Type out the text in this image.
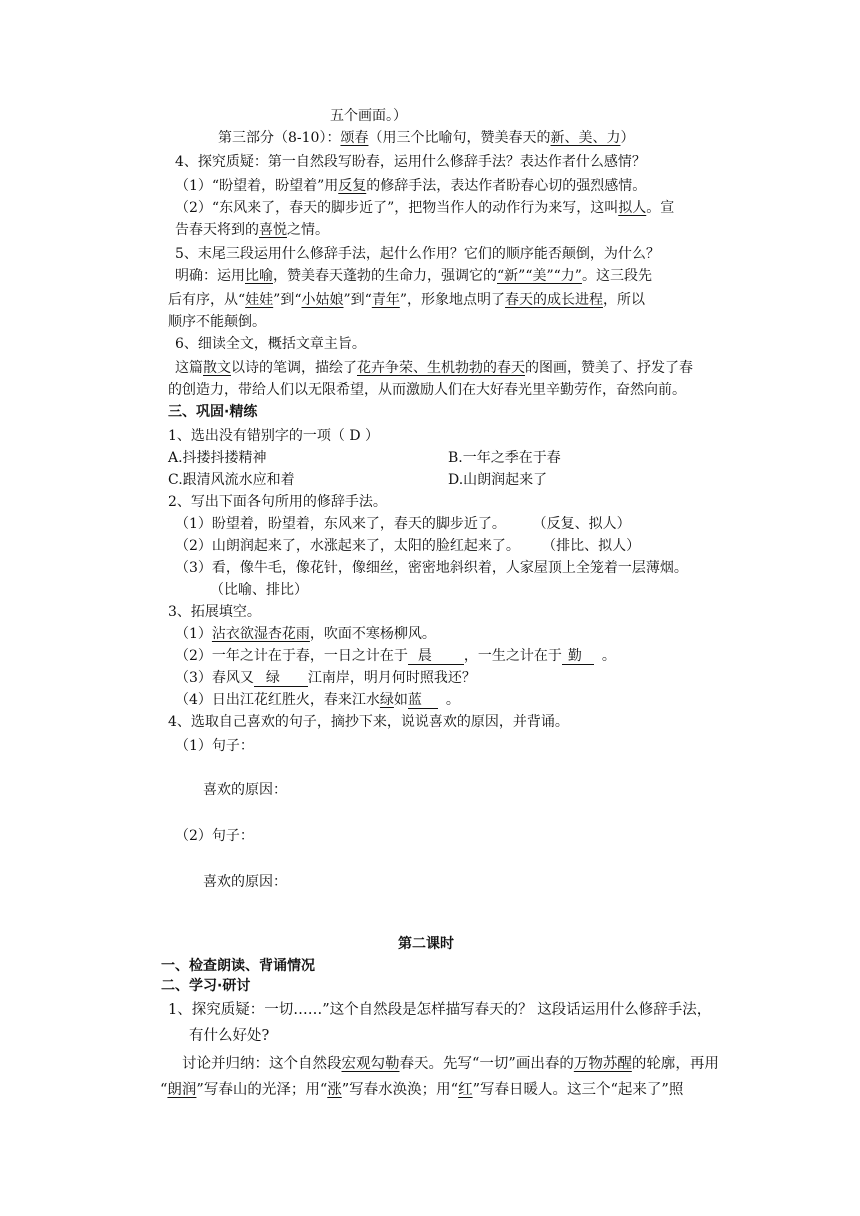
五个画面。）
第三部分（8-10）：颂春（用三个比喻句，赞美春天的新、美、力）
4、探究质疑：第一自然段写盼春，运用什么修辞手法？表达作者什么感情？
（1）“盼望着，盼望着”用反复的修辞手法，表达作者盼春心切的强烈感情。
（2）“东风来了，春天的脚步近了”，把物当作人的动作行为来写，这叫拟人。宣
告春天将到的喜悦之情。
5、末尾三段运用什么修辞手法，起什么作用？它们的顺序能否颠倒，为什么？
明确：运用比喻，赞美春天蓬勃的生命力，强调它的“新”“美”“力”。这三段先
后有序，从“娃娃”到“小姑娘”到“青年”，形象地点明了春天的成长进程，所以
顺序不能颠倒。
6、细读全文，概括文章主旨。
这篇散文以诗的笔调，描绘了花卉争荣、生机勃勃的春天的图画，赞美了、抒发了春
的创造力，带给人们以无限希望，从而激励人们在大好春光里辛勤劳作，奋然向前。
三、巩固·精练
1、选出没有错别字的一项（ D ）
A.抖搂抖搂精神	B.一年之季在于春
C.跟清风流水应和着	D.山朗润起来了
2、写出下面各句所用的修辞手法。
（1）盼望着，盼望着，东风来了，春天的脚步近了。      （反复、拟人）
（2）山朗润起来了，水涨起来了，太阳的脸红起来了。     （排比、拟人）
（3）看，像牛毛，像花针，像细丝，密密地斜织着，人家屋顶上全笼着一层薄烟。
（比喻、排比）
3、拓展填空。
（1）沾衣欲湿杏花雨，吹面不寒杨柳风。
（2）一年之计在于春，一日之计在于 晨 ，一生之计在于 勤 。
（3）春风又 绿 江南岸，明月何时照我还？
（4）日出江花红胜火，春来江水绿如蓝 。
4、选取自己喜欢的句子，摘抄下来，说说喜欢的原因，并背诵。
（1）句子：
喜欢的原因：
（2）句子：
喜欢的原因：
第二课时
一、检查朗读、背诵情况
二、学习·研讨
1、探究质疑：一切……”这个自然段是怎样描写春天的？ 这段话运用什么修辞手法，
有什么好处?
讨论并归纳：这个自然段宏观勾勒春天。先写“一切”画出春的万物苏醒的轮廓，再用
“朗润”写春山的光泽；用“涨”写春水涣涣；用“红”写春日暖人。这三个“起来了”照
